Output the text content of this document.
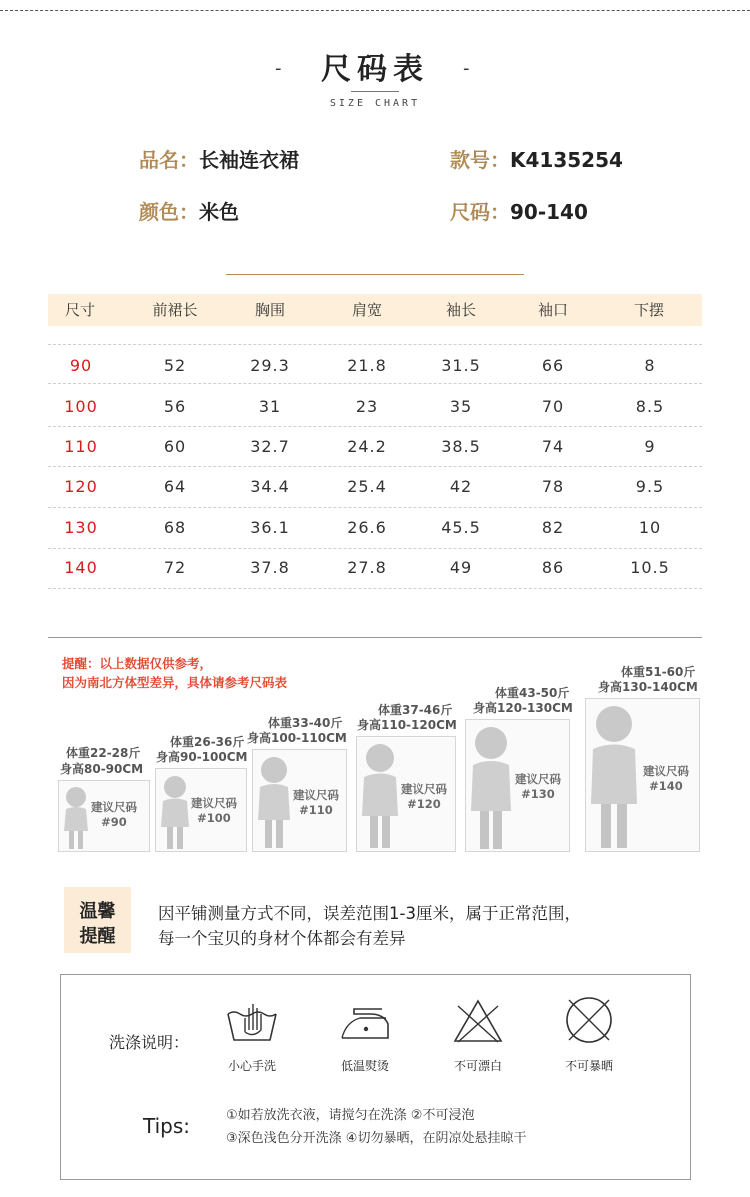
- 尺码表 -
SIZE CHART
品名：长袖连衣裙	款号：K4135254
颜色：米色	尺码：90-140
尺寸	前裙长	胸围	肩宽	袖长	袖口	下摆
90	52	29.3	21.8	31.5	66	8
100	56	31	23	35	70	8.5
110	60	32.7	24.2	38.5	74	9
120	64	34.4	25.4	42	78	9.5
130	68	36.1	26.6	45.5	82	10
140	72	37.8	27.8	49	86	10.5
提醒：以上数据仅供参考，
因为南北方体型差异，具体请参考尺码表
体重22-28斤
身高80-90CM
建议尺码
#90
体重26-36斤
身高90-100CM
建议尺码
#100
体重33-40斤
身高100-110CM
建议尺码
#110
体重37-46斤
身高110-120CM
建议尺码
#120
体重43-50斤
身高120-130CM
建议尺码
#130
体重51-60斤
身高130-140CM
建议尺码
#140
温馨
提醒
因平铺测量方式不同，误差范围1-3厘米，属于正常范围，
每一个宝贝的身材个体都会有差异
洗涤说明：
小心手洗	低温熨烫	不可漂白	不可暴晒
Tips:	①如若放洗衣液，请搅匀在洗涤 ②不可浸泡
③深色浅色分开洗涤 ④切勿暴晒，在阴凉处悬挂晾干
